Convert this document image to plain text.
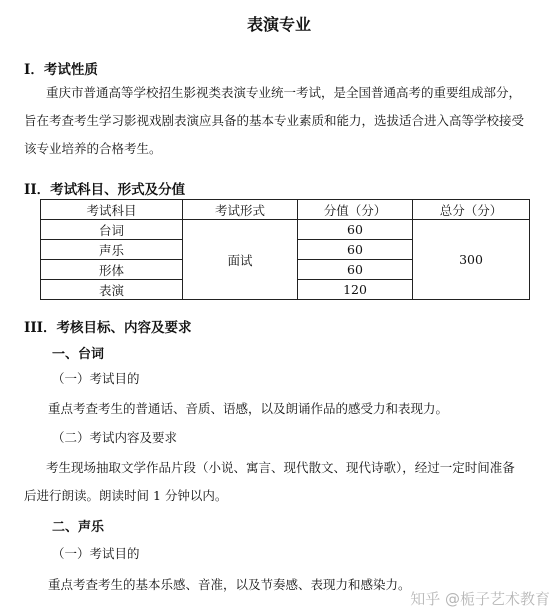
表演专业
I．考试性质
重庆市普通高等学校招生影视类表演专业统一考试，是全国普通高考的重要组成部分，
旨在考查考生学习影视戏剧表演应具备的基本专业素质和能力，选拔适合进入高等学校接受
该专业培养的合格考生。
II．考试科目、形式及分值
考试科目	考试形式	分值（分）	总分（分）
台词	面试	60	300
声乐		60	
形体		60	
表演		120	
III．考核目标、内容及要求
一、台词
（一）考试目的
重点考查考生的普通话、音质、语感，以及朗诵作品的感受力和表现力。
（二）考试内容及要求
考生现场抽取文学作品片段（小说、寓言、现代散文、现代诗歌），经过一定时间准备
后进行朗读。朗读时间 1 分钟以内。
二、声乐
（一）考试目的
重点考查考生的基本乐感、音准，以及节奏感、表现力和感染力。
知乎 @栀子艺术教育
